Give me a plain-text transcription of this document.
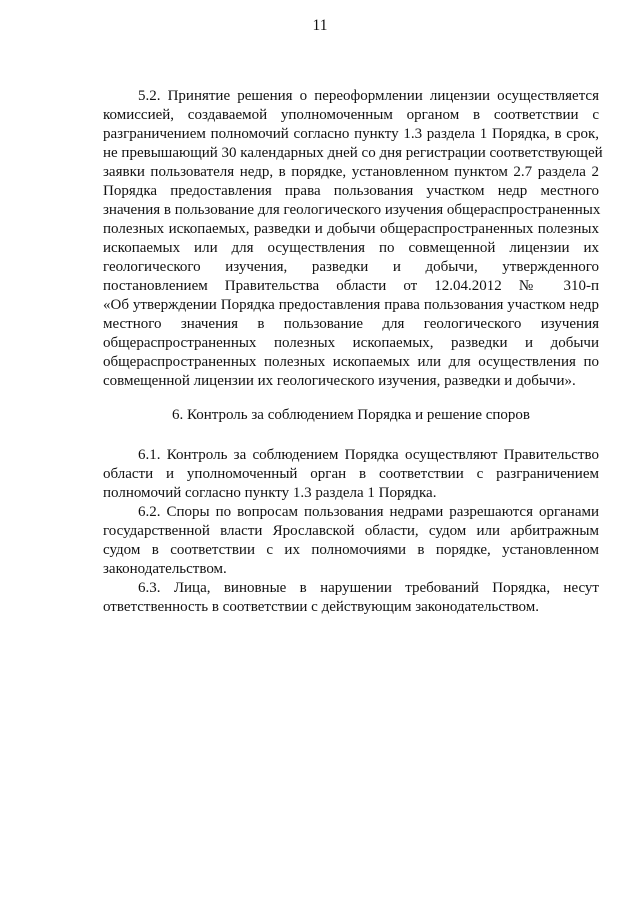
11
5.2. Принятие решения о переоформлении лицензии осуществляется
комиссией, создаваемой уполномоченным органом в соответствии с
разграничением полномочий согласно пункту 1.3 раздела 1 Порядка, в срок,
не превышающий 30 календарных дней со дня регистрации соответствующей
заявки пользователя недр, в порядке, установленном пунктом 2.7 раздела 2
Порядка предоставления права пользования участком недр местного
значения в пользование для геологического изучения общераспространенных
полезных ископаемых, разведки и добычи общераспространенных полезных
ископаемых или для осуществления по совмещенной лицензии их
геологического изучения, разведки и добычи, утвержденного
постановлением Правительства области от 12.04.2012 № 310-п
«Об утверждении Порядка предоставления права пользования участком недр
местного значения в пользование для геологического изучения
общераспространенных полезных ископаемых, разведки и добычи
общераспространенных полезных ископаемых или для осуществления по
совмещенной лицензии их геологического изучения, разведки и добычи».
6. Контроль за соблюдением Порядка и решение споров
6.1. Контроль за соблюдением Порядка осуществляют Правительство
области и уполномоченный орган в соответствии с разграничением
полномочий согласно пункту 1.3 раздела 1 Порядка.
6.2. Споры по вопросам пользования недрами разрешаются органами
государственной власти Ярославской области, судом или арбитражным
судом в соответствии с их полномочиями в порядке, установленном
законодательством.
6.3. Лица, виновные в нарушении требований Порядка, несут
ответственность в соответствии с действующим законодательством.
